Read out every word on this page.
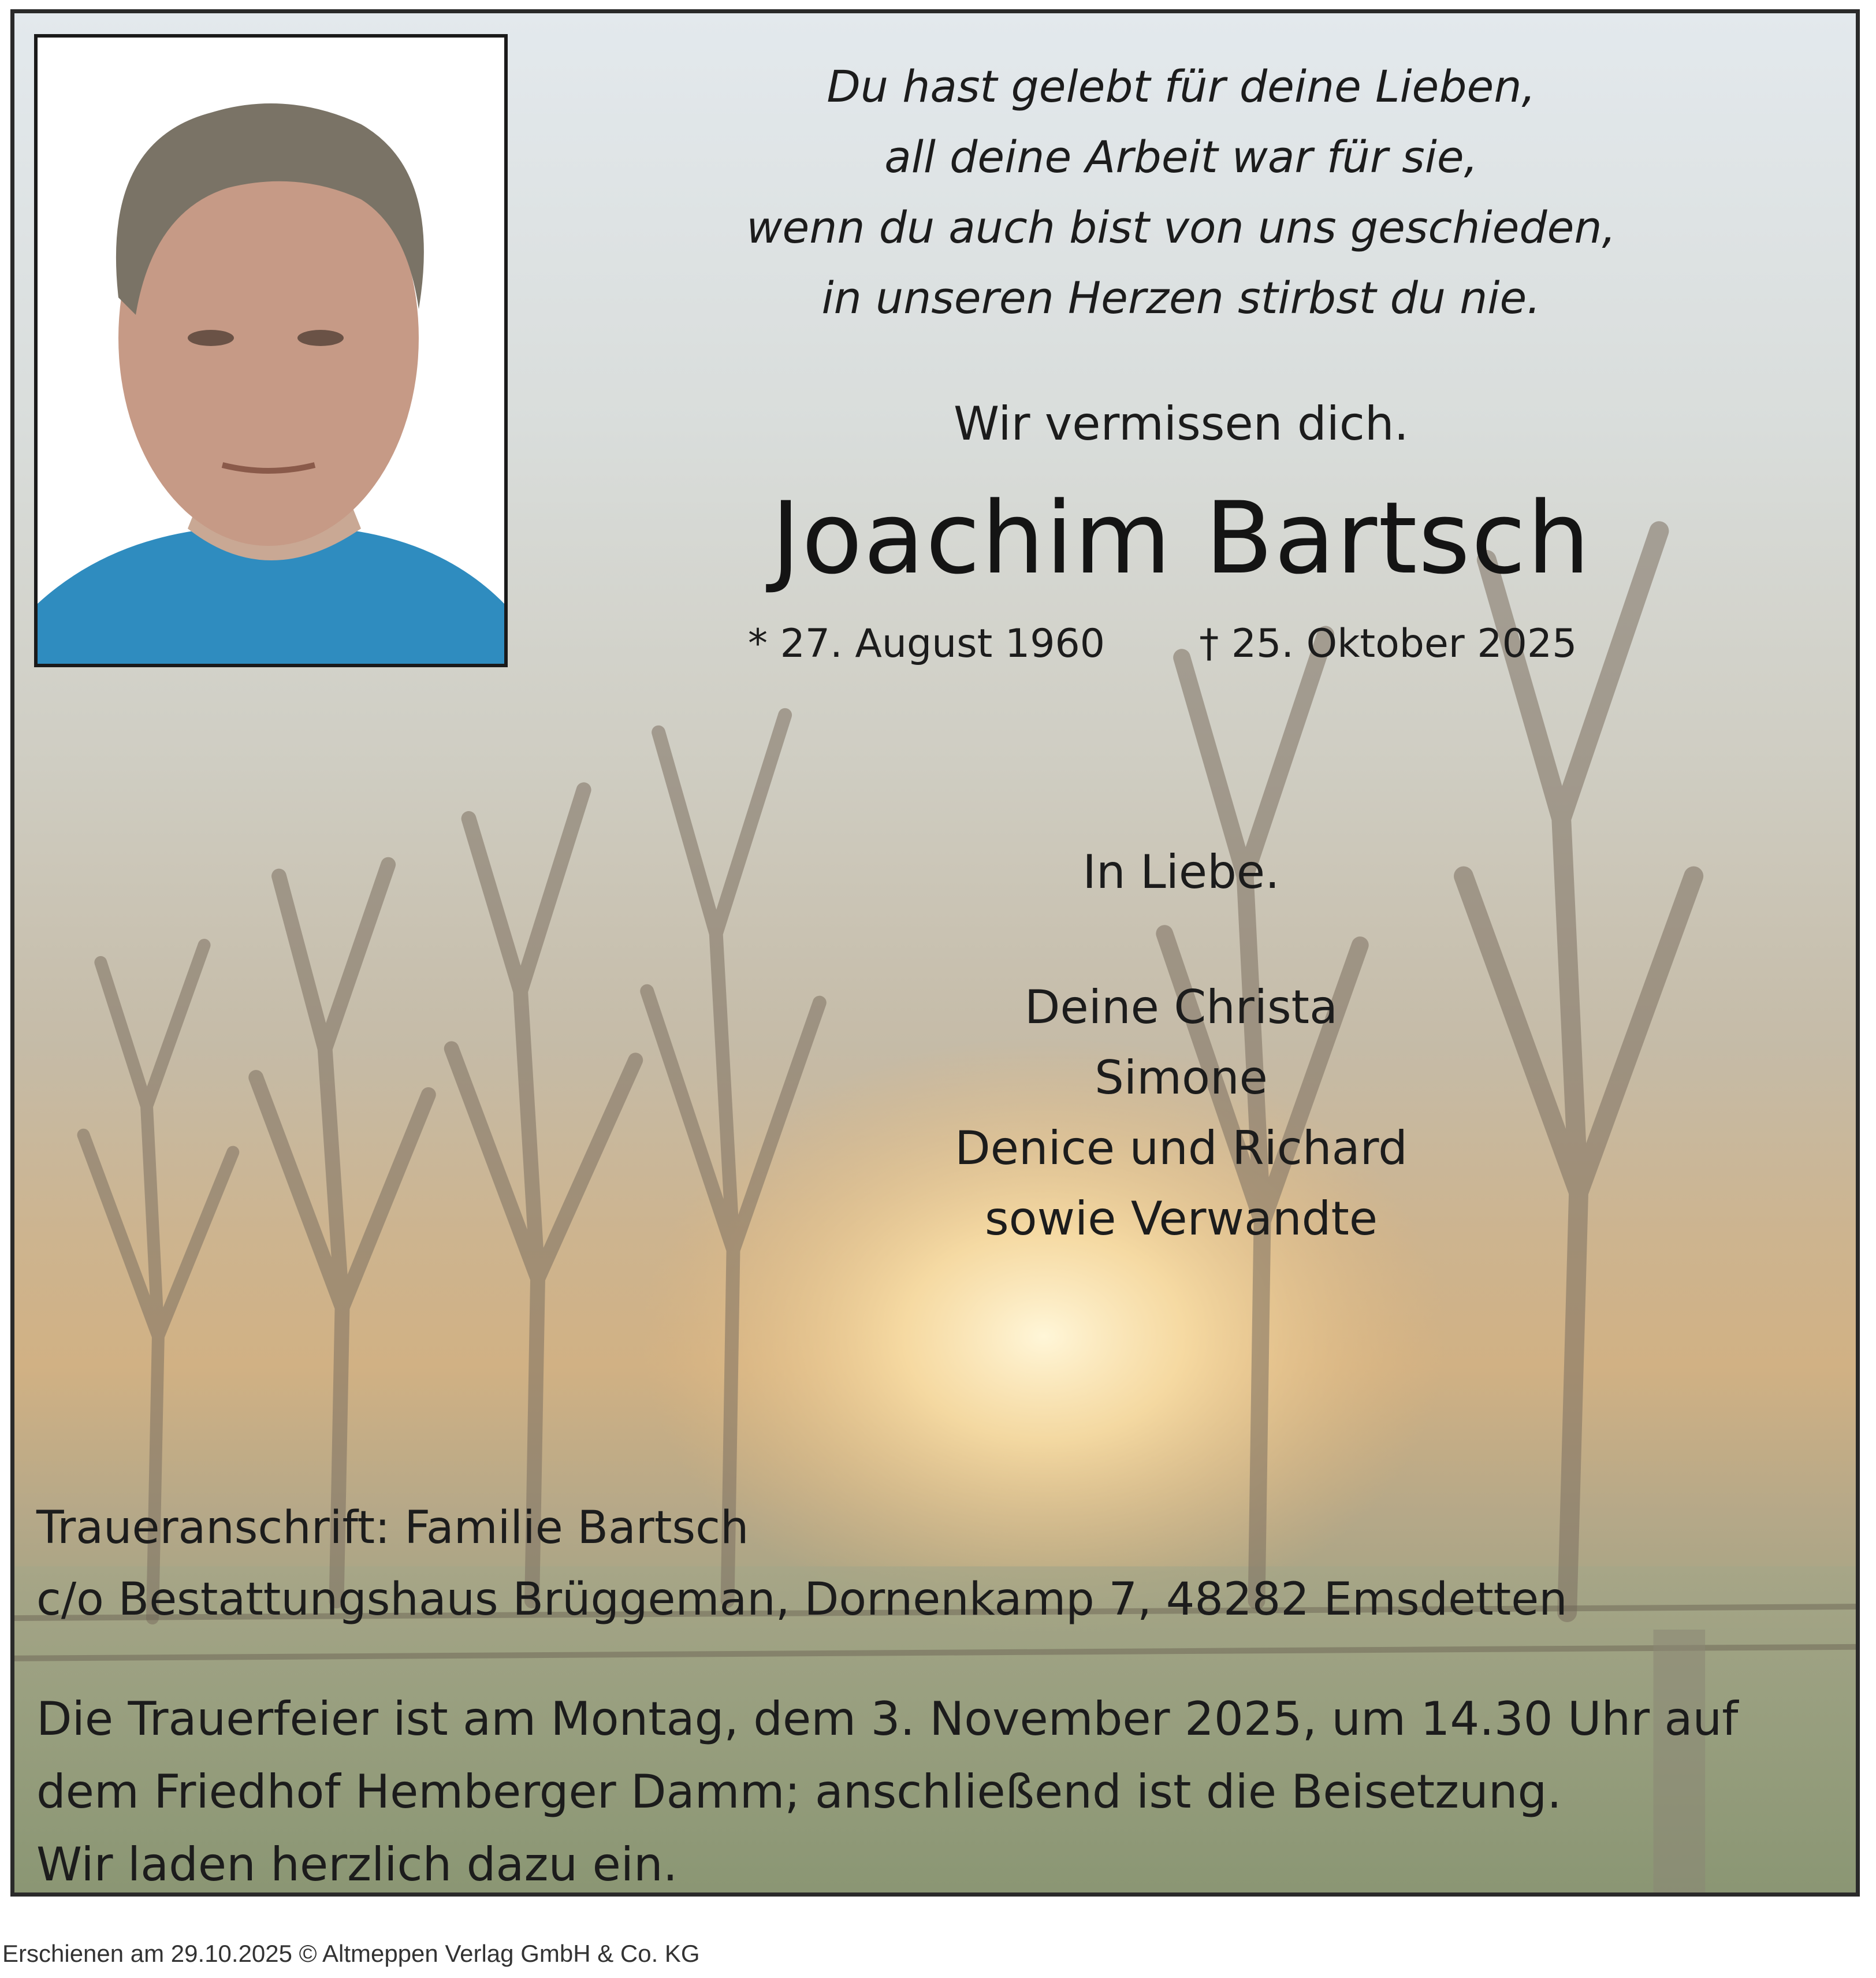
Du hast gelebt für deine Lieben,
all deine Arbeit war für sie,
wenn du auch bist von uns geschieden,
in unseren Herzen stirbst du nie.
Wir vermissen dich.
Joachim Bartsch
* 27. August 1960 † 25. Oktober 2025
In Liebe.
Deine Christa
Simone
Denice und Richard
sowie Verwandte
Traueranschrift: Familie Bartsch
c/o Bestattungshaus Brüggeman, Dornenkamp 7, 48282 Emsdetten
Die Trauerfeier ist am Montag, dem 3. November 2025, um 14.30 Uhr auf
dem Friedhof Hemberger Damm; anschließend ist die Beisetzung.
Wir laden herzlich dazu ein.
Erschienen am 29.10.2025 © Altmeppen Verlag GmbH & Co. KG
